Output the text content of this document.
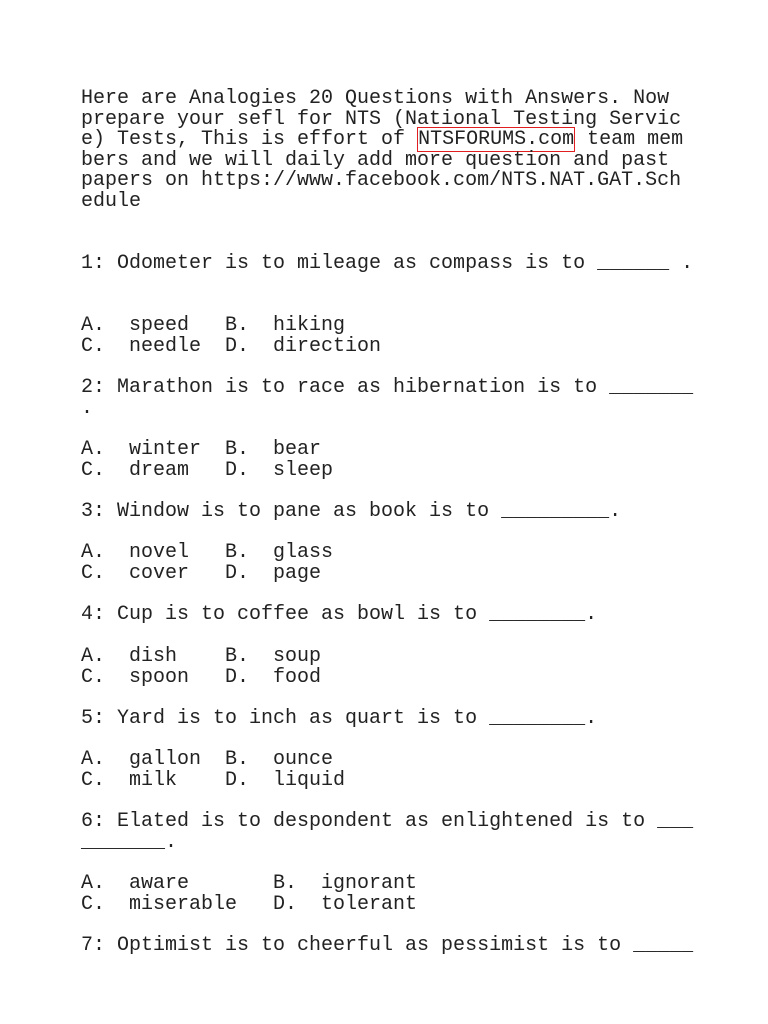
Here are Analogies 20 Questions with Answers. Now
prepare your sefl for NTS (National Testing Servic
e) Tests, This is effort of NTSFORUMS.com team mem
bers and we will daily add more question and past
papers on https://www.facebook.com/NTS.NAT.GAT.Sch
edule
1: Odometer is to mileage as compass is to ______ .
A.	speed B.	hiking
C.	needle D.	direction
2: Marathon is to race as hibernation is to _______
.
A.	winter B.	bear
C.	dream D.	sleep
3: Window is to pane as book is to _________.
A.	novel B.	glass
C.	cover D.	page
4: Cup is to coffee as bowl is to ________.
A.	dish B.	soup
C.	spoon D.	food
5: Yard is to inch as quart is to ________.
A.	gallon B.	ounce
C.	milk D.	liquid
6: Elated is to despondent as enlightened is to ___
_______.
A.	aware	B.	ignorant
C.	miserable D.	tolerant
7: Optimist is to cheerful as pessimist is to _____
